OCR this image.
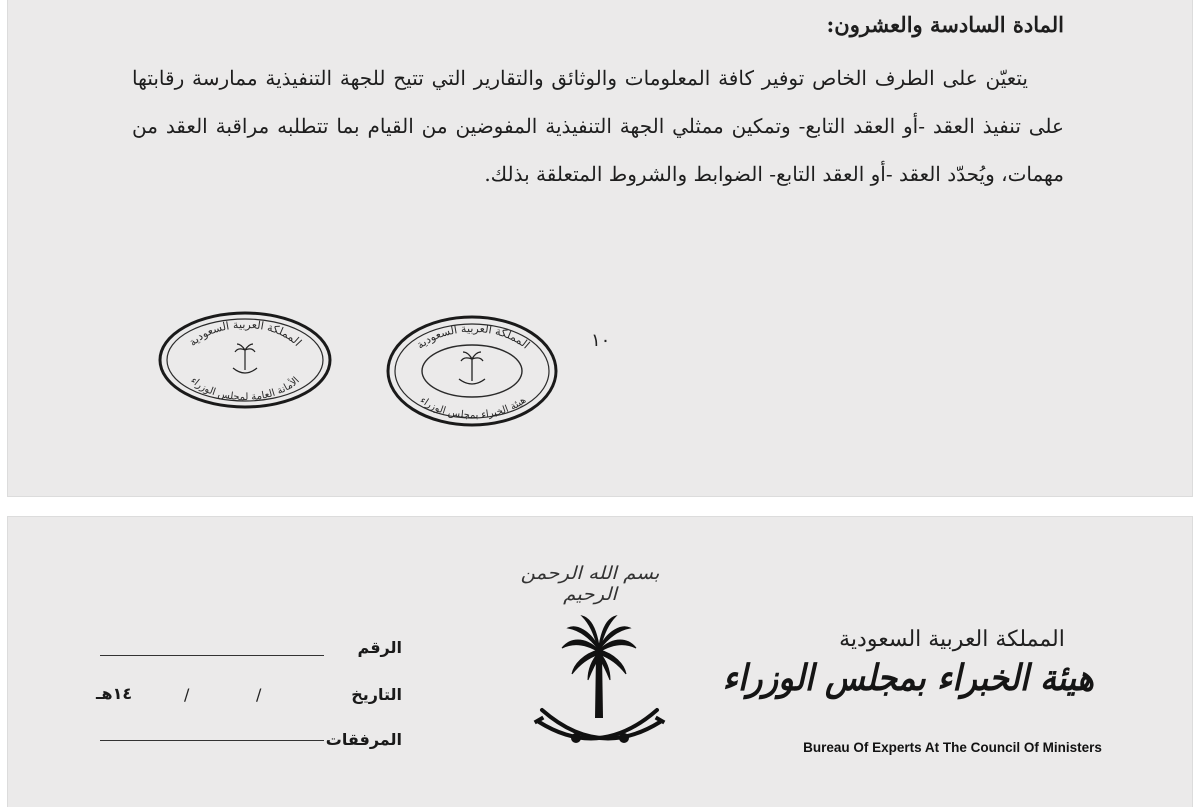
المادة السادسة والعشرون:
يتعيّن على الطرف الخاص توفير كافة المعلومات والوثائق والتقارير التي تتيح للجهة التنفيذية ممارسة رقابتها على تنفيذ العقد -أو العقد التابع- وتمكين ممثلي الجهة التنفيذية المفوضين من القيام بما تتطلبه مراقبة العقد من مهمات، ويُحدّد العقد -أو العقد التابع- الضوابط والشروط المتعلقة بذلك.
١٠
المملكة العربية السعودية
الأمانة العامة لمجلس الوزراء
المملكة العربية السعودية
هيئة الخبراء بمجلس الوزراء
بسم الله الرحمن الرحيم
المملكة العربية السعودية
هيئة الخبراء بمجلس الوزراء
Bureau Of Experts At The Council Of Ministers
الرقم
التاريخ
/
/
١٤هـ
المرفقات
